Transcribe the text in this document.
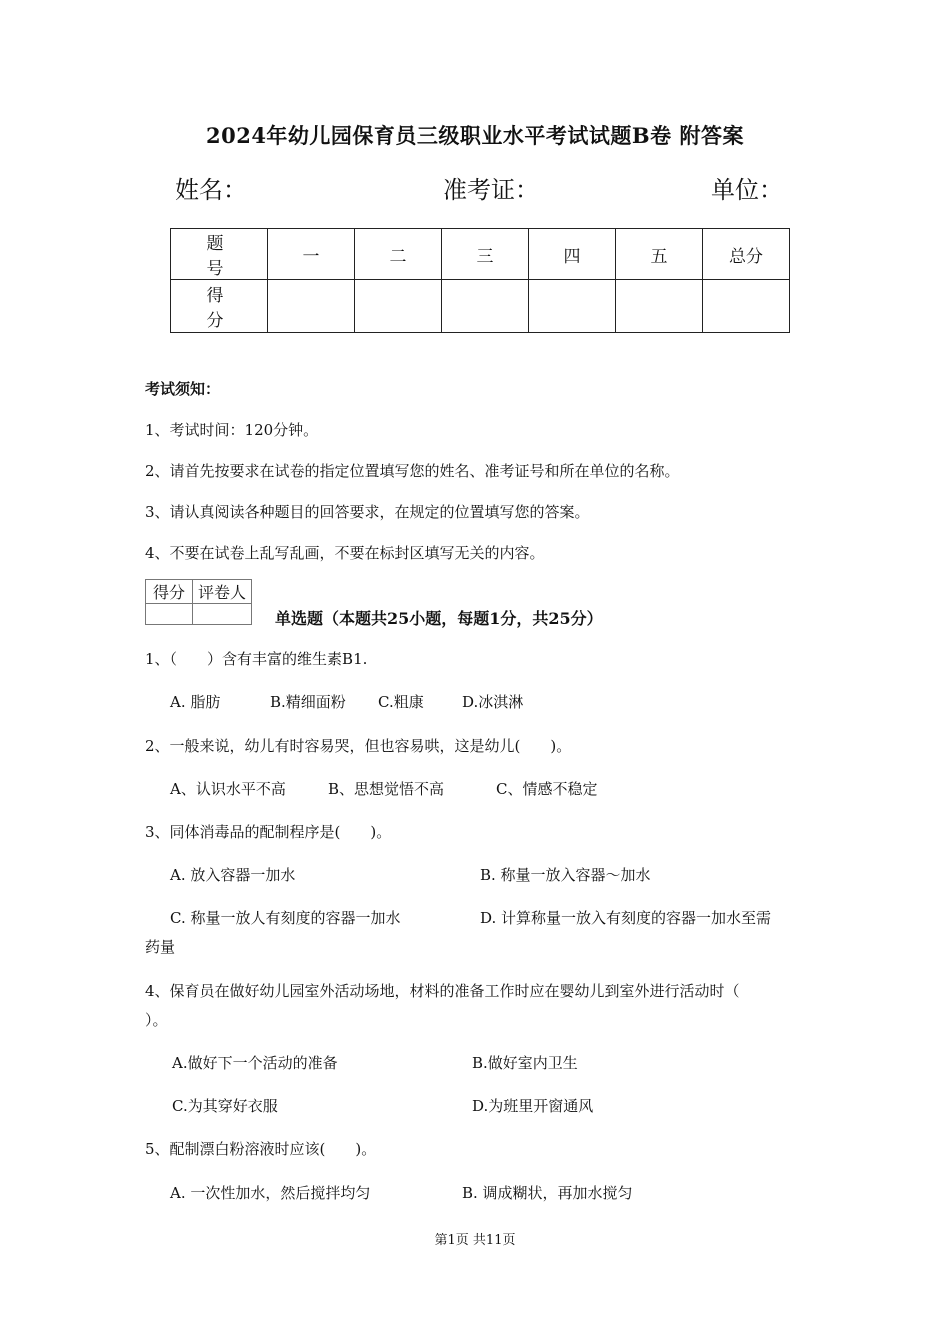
2024年幼儿园保育员三级职业水平考试试题B卷 附答案
姓名：	准考证：	单位：
题 号	一	二	三	四	五	总分
得 分						
考试须知：
1、考试时间：120分钟。
2、请首先按要求在试卷的指定位置填写您的姓名、准考证号和所在单位的名称。
3、请认真阅读各种题目的回答要求，在规定的位置填写您的答案。
4、不要在试卷上乱写乱画，不要在标封区填写无关的内容。
得分	评卷人

单选题（本题共25小题，每题1分，共25分）
1、（　　）含有丰富的维生素B1.
A. 脂肪	B.精细面粉 C.粗康	D.冰淇淋
2、一般来说，幼儿有时容易哭，但也容易哄，这是幼儿(　　)。
A、认识水平不高	B、思想觉悟不高	C、情感不稳定
3、同体消毒品的配制程序是(　　)。
A. 放入容器一加水	B. 称量一放入容器～加水
C. 称量一放人有刻度的容器一加水	D. 计算称量一放入有刻度的容器一加水至需
药量
4、保育员在做好幼儿园室外活动场地，材料的准备工作时应在婴幼儿到室外进行活动时（
）。
A.做好下一个活动的准备	B.做好室内卫生
C.为其穿好衣服	D.为班里开窗通风
5、配制漂白粉溶液时应该(　　)。
A. 一次性加水，然后搅拌均匀	B. 调成糊状，再加水搅匀
第1页 共11页
